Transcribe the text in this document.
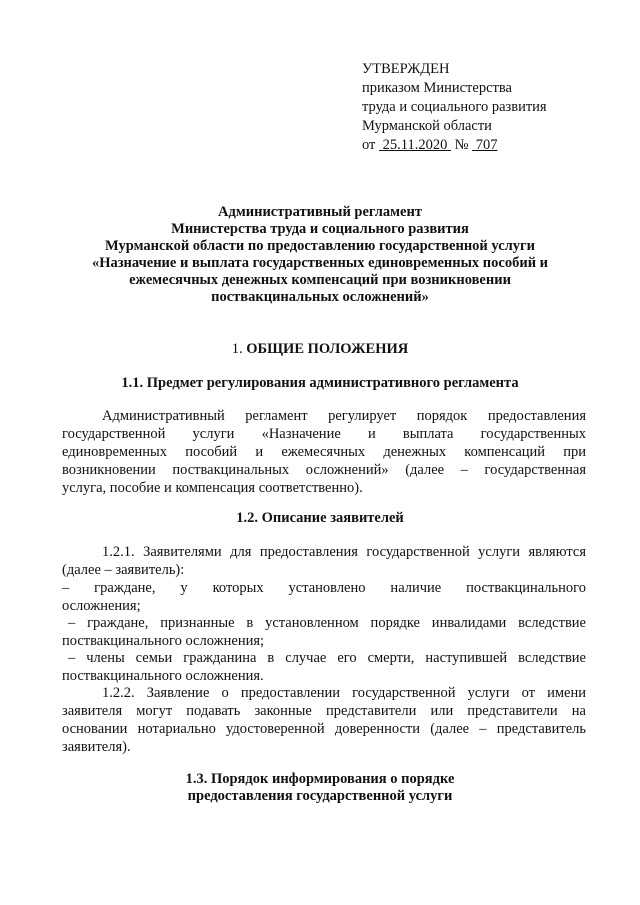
УТВЕРЖДЕН
приказом Министерства
труда и социального развития
Мурманской области
от 25.11.2020 № 707
Административный регламент
Министерства труда и социального развития
Мурманской области по предоставлению государственной услуги
«Назначение и выплата государственных единовременных пособий и
ежемесячных денежных компенсаций при возникновении
поствакцинальных осложнений»
1. ОБЩИЕ ПОЛОЖЕНИЯ
1.1. Предмет регулирования административного регламента
Административный регламент регулирует порядок предоставления
государственной услуги «Назначение и выплата государственных
единовременных пособий и ежемесячных денежных компенсаций при
возникновении поствакцинальных осложнений» (далее – государственная
услуга, пособие и компенсация соответственно).
1.2. Описание заявителей
1.2.1. Заявителями для предоставления государственной услуги являются
(далее – заявитель):
– граждане, у которых установлено наличие поствакцинального
осложнения;
– граждане, признанные в установленном порядке инвалидами вследствие
поствакцинального осложнения;
– члены семьи гражданина в случае его смерти, наступившей вследствие
поствакцинального осложнения.
1.2.2. Заявление о предоставлении государственной услуги от имени
заявителя могут подавать законные представители или представители на
основании нотариально удостоверенной доверенности (далее – представитель
заявителя).
1.3. Порядок информирования о порядке
предоставления государственной услуги
